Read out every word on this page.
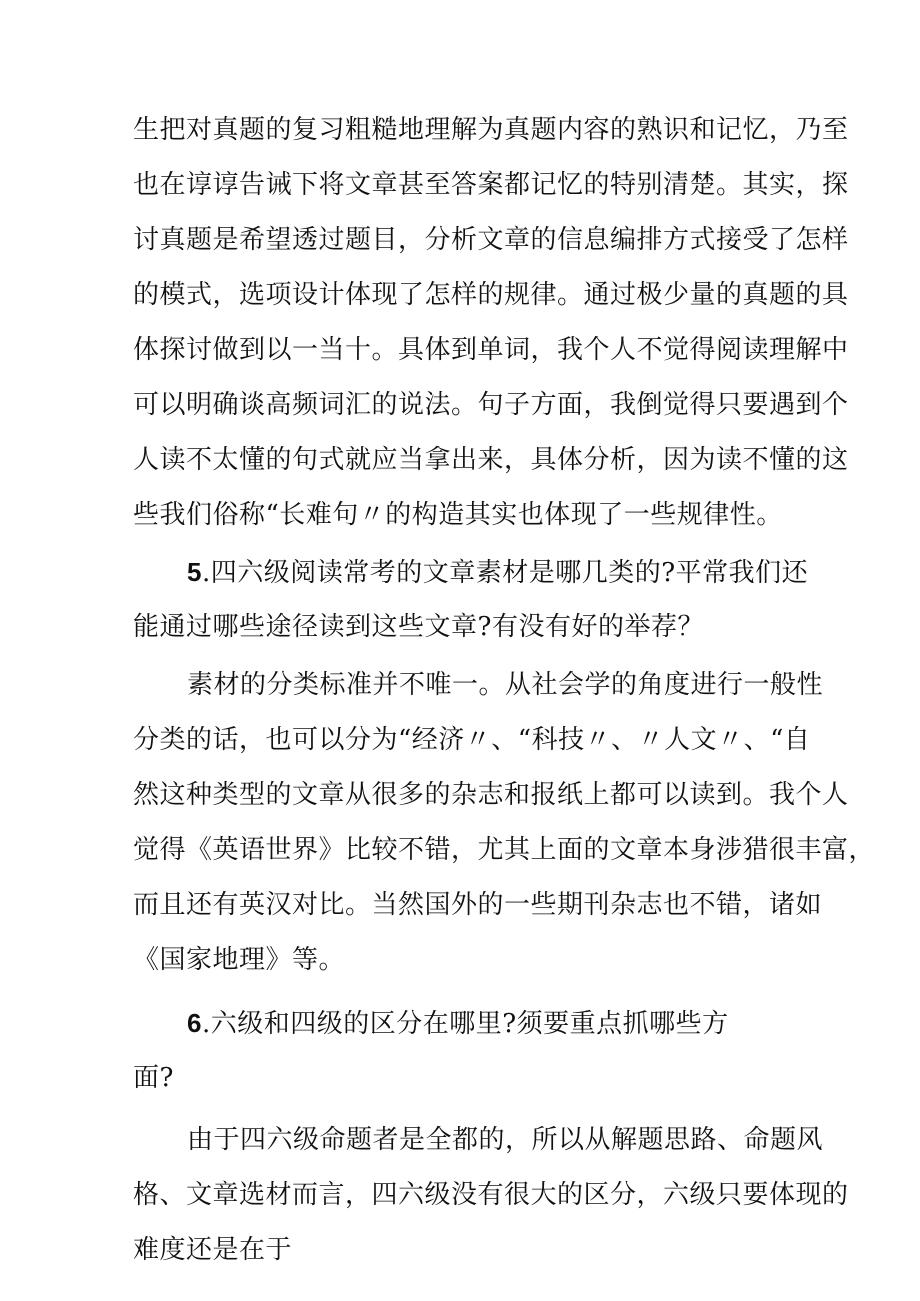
生把对真题的复习粗糙地理解为真题内容的熟识和记忆，乃至
也在谆谆告诫下将文章甚至答案都记忆的特别清楚。其实，探
讨真题是希望透过题目，分析文章的信息编排方式接受了怎样
的模式，选项设计体现了怎样的规律。通过极少量的真题的具
体探讨做到以一当十。具体到单词，我个人不觉得阅读理解中
可以明确谈高频词汇的说法。句子方面，我倒觉得只要遇到个
人读不太懂的句式就应当拿出来，具体分析，因为读不懂的这
些我们俗称“长难句〃的构造其实也体现了一些规律性。
5.四六级阅读常考的文章素材是哪几类的?平常我们还
能通过哪些途径读到这些文章?有没有好的举荐？
素材的分类标准并不唯一。从社会学的角度进行一般性
分类的话，也可以分为“经济〃、“科技〃、〃人文〃、“自
然这种类型的文章从很多的杂志和报纸上都可以读到。我个人
觉得《英语世界》比较不错，尤其上面的文章本身涉猎很丰富，
而且还有英汉对比。当然国外的一些期刊杂志也不错，诸如
《国家地理》等。
6.六级和四级的区分在哪里?须要重点抓哪些方
面?
由于四六级命题者是全都的，所以从解题思路、命题风
格、文章选材而言，四六级没有很大的区分，六级只要体现的
难度还是在于
